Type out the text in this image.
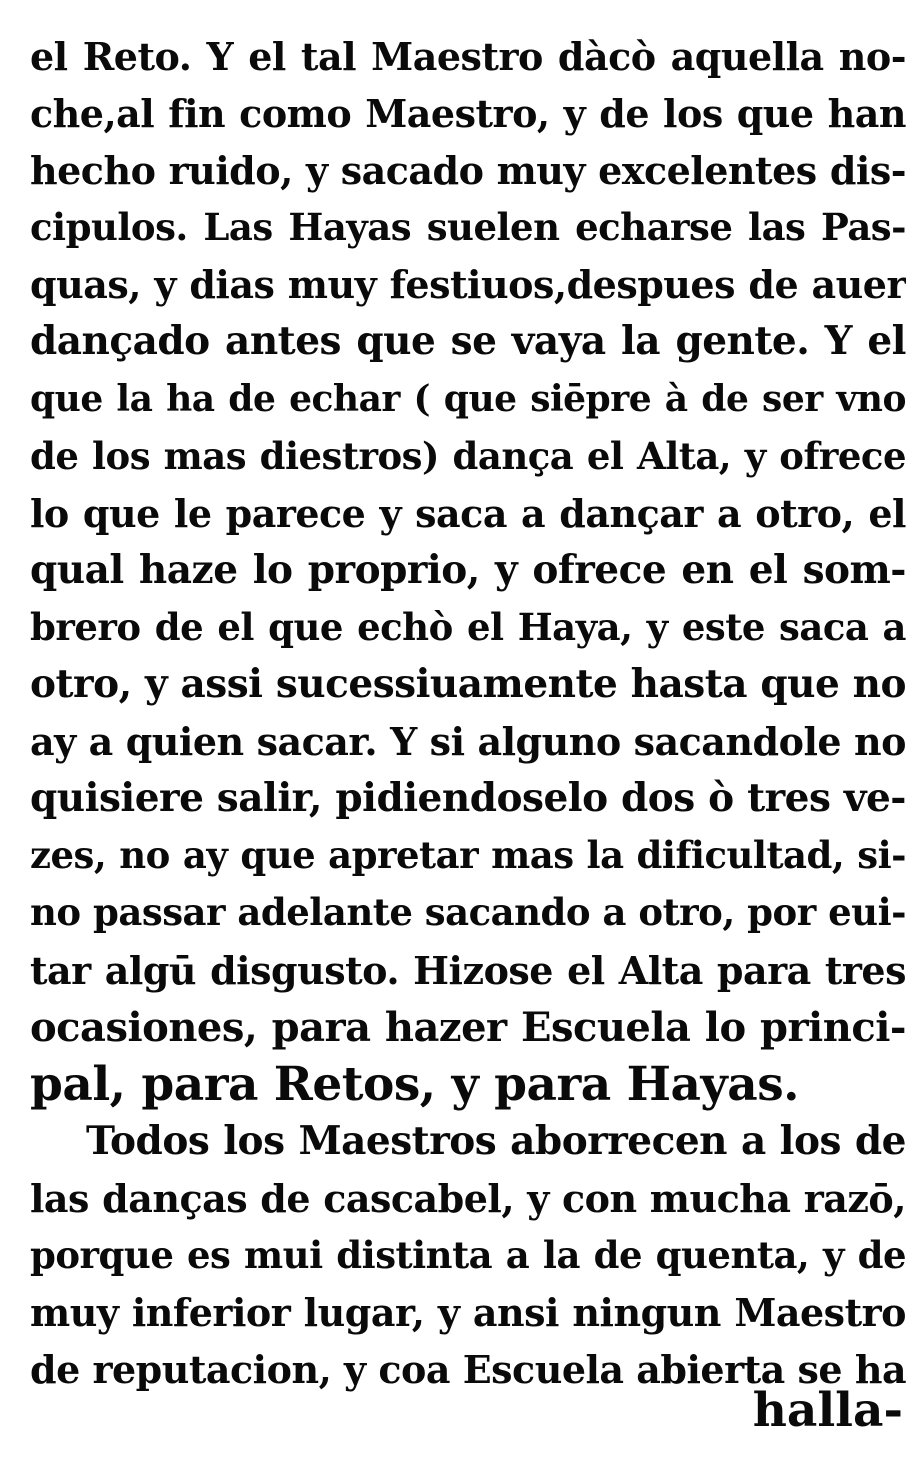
el Reto. Y el tal Maestro dàcò aquella no-
che,al fin como Maestro, y de los que han
hecho ruido, y sacado muy excelentes dis-
cipulos. Las Hayas suelen echarse las Pas-
quas, y dias muy festiuos,despues de auer
dançado antes que se vaya la gente. Y el
que la ha de echar ( que siēpre à de ser vno
de los mas diestros) dança el Alta, y ofrece
lo que le parece y saca a dançar a otro, el
qual haze lo proprio, y ofrece en el som-
brero de el que echò el Haya, y este saca a
otro, y assi sucessiuamente hasta que no
ay a quien sacar. Y si alguno sacandole no
quisiere salir, pidiendoselo dos ò tres ve-
zes, no ay que apretar mas la dificultad, si-
no passar adelante sacando a otro, por eui-
tar algū disgusto. Hizose el Alta para tres
ocasiones, para hazer Escuela lo princi-
pal, para Retos, y para Hayas.
Todos los Maestros aborrecen a los de
las danças de cascabel, y con mucha razō,
porque es mui distinta a la de quenta, y de
muy inferior lugar, y ansi ningun Maestro
de reputacion, y coa Escuela abierta se ha
halla-
